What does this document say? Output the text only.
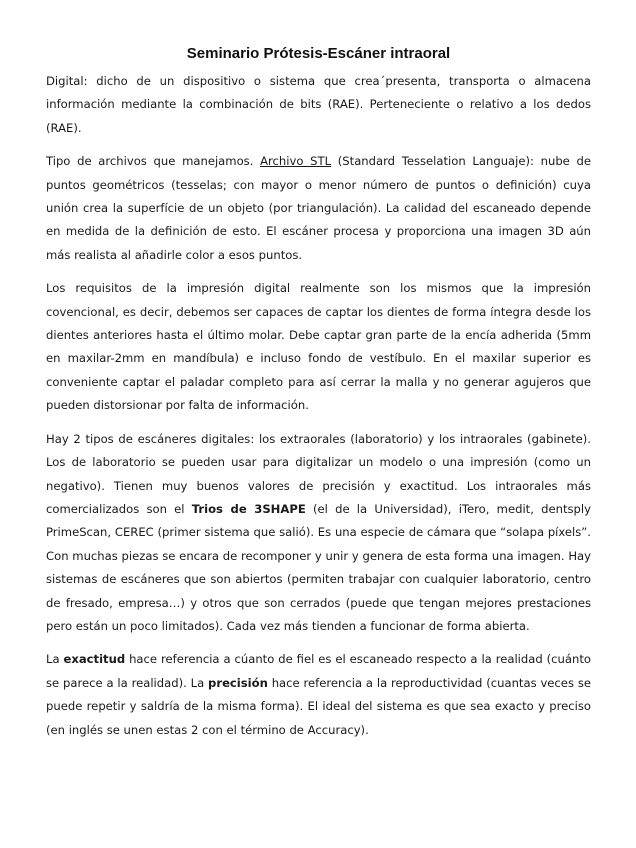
Seminario Prótesis-Escáner intraoral

Digital: dicho de un dispositivo o sistema que crea´presenta, transporta o almacena información mediante la combinación de bits (RAE). Perteneciente o relativo a los dedos (RAE).

Tipo de archivos que manejamos. Archivo STL (Standard Tesselation Languaje): nube de puntos geométricos (tesselas; con mayor o menor número de puntos o definición) cuya unión crea la superfície de un objeto (por triangulación). La calidad del escaneado depende en medida de la definición de esto. El escáner procesa y proporciona una imagen 3D aún más realista al añadirle color a esos puntos.

Los requisitos de la impresión digital realmente son los mismos que la impresión covencional, es decir, debemos ser capaces de captar los dientes de forma íntegra desde los dientes anteriores hasta el último molar. Debe captar gran parte de la encía adherida (5mm en maxilar-2mm en mandíbula) e incluso fondo de vestíbulo. En el maxilar superior es conveniente captar el paladar completo para así cerrar la malla y no generar agujeros que pueden distorsionar por falta de información.

Hay 2 tipos de escáneres digitales: los extraorales (laboratorio) y los intraorales (gabinete). Los de laboratorio se pueden usar para digitalizar un modelo o una impresión (como un negativo). Tienen muy buenos valores de precisión y exactitud. Los intraorales más comercializados son el Trios de 3SHAPE (el de la Universidad), iTero, medit, dentsply PrimeScan, CEREC (primer sistema que salió). Es una especie de cámara que “solapa píxels”. Con muchas piezas se encara de recomponer y unir y genera de esta forma una imagen. Hay sistemas de escáneres que son abiertos (permiten trabajar con cualquier laboratorio, centro de fresado, empresa…) y otros que son cerrados (puede que tengan mejores prestaciones pero están un poco limitados). Cada vez más tienden a funcionar de forma abierta.

La exactitud hace referencia a cúanto de fiel es el escaneado respecto a la realidad (cuánto se parece a la realidad). La precisión hace referencia a la reproductividad (cuantas veces se puede repetir y saldría de la misma forma). El ideal del sistema es que sea exacto y preciso (en inglés se unen estas 2 con el término de Accuracy).
